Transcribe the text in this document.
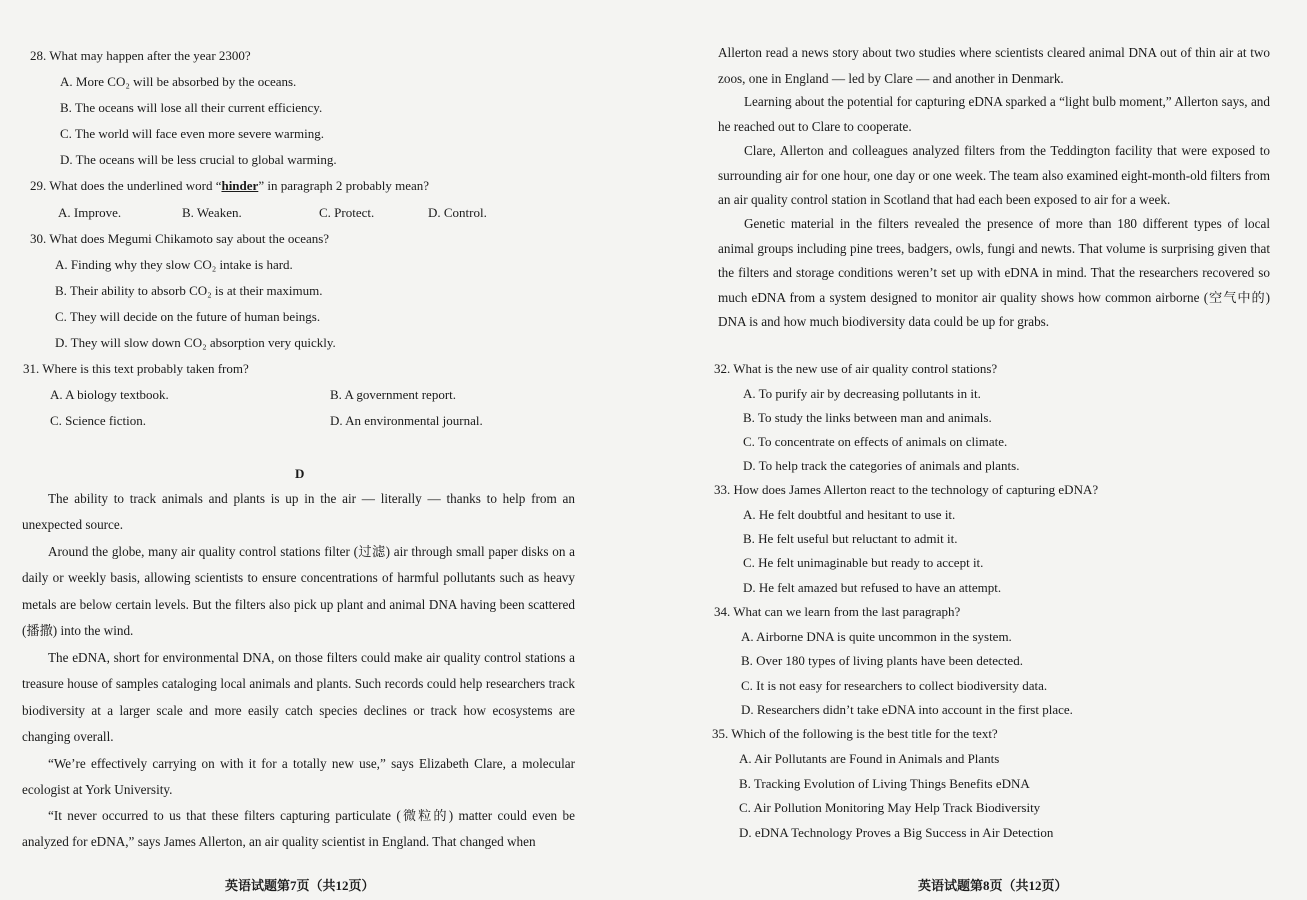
28. What may happen after the year 2300?
A. More CO₂ will be absorbed by the oceans.
B. The oceans will lose all their current efficiency.
C. The world will face even more severe warming.
D. The oceans will be less crucial to global warming.
29. What does the underlined word “hinder” in paragraph 2 probably mean?
A. Improve.	B. Weaken.	C. Protect.	D. Control.
30. What does Megumi Chikamoto say about the oceans?
A. Finding why they slow CO₂ intake is hard.
B. Their ability to absorb CO₂ is at their maximum.
C. They will decide on the future of human beings.
D. They will slow down CO₂ absorption very quickly.
31. Where is this text probably taken from?
A. A biology textbook.	B. A government report.
C. Science fiction.	D. An environmental journal.
D
The ability to track animals and plants is up in the air — literally — thanks to help from an unexpected source.
Around the globe, many air quality control stations filter (过滤) air through small paper disks on a daily or weekly basis, allowing scientists to ensure concentrations of harmful pollutants such as heavy metals are below certain levels. But the filters also pick up plant and animal DNA having been scattered (播撒) into the wind.
The eDNA, short for environmental DNA, on those filters could make air quality control stations a treasure house of samples cataloging local animals and plants. Such records could help researchers track biodiversity at a larger scale and more easily catch species declines or track how ecosystems are changing overall.
“We’re effectively carrying on with it for a totally new use,” says Elizabeth Clare, a molecular ecologist at York University.
“It never occurred to us that these filters capturing particulate (微粒的) matter could even be analyzed for eDNA,” says James Allerton, an air quality scientist in England. That changed when
英语试题第7页（共12页）
Allerton read a news story about two studies where scientists cleared animal DNA out of thin air at two zoos, one in England — led by Clare — and another in Denmark.
Learning about the potential for capturing eDNA sparked a “light bulb moment,” Allerton says, and he reached out to Clare to cooperate.
Clare, Allerton and colleagues analyzed filters from the Teddington facility that were exposed to surrounding air for one hour, one day or one week. The team also examined eight-month-old filters from an air quality control station in Scotland that had each been exposed to air for a week.
Genetic material in the filters revealed the presence of more than 180 different types of local animal groups including pine trees, badgers, owls, fungi and newts. That volume is surprising given that the filters and storage conditions weren’t set up with eDNA in mind. That the researchers recovered so much eDNA from a system designed to monitor air quality shows how common airborne (空气中的) DNA is and how much biodiversity data could be up for grabs.
32. What is the new use of air quality control stations?
A. To purify air by decreasing pollutants in it.
B. To study the links between man and animals.
C. To concentrate on effects of animals on climate.
D. To help track the categories of animals and plants.
33. How does James Allerton react to the technology of capturing eDNA?
A. He felt doubtful and hesitant to use it.
B. He felt useful but reluctant to admit it.
C. He felt unimaginable but ready to accept it.
D. He felt amazed but refused to have an attempt.
34. What can we learn from the last paragraph?
A. Airborne DNA is quite uncommon in the system.
B. Over 180 types of living plants have been detected.
C. It is not easy for researchers to collect biodiversity data.
D. Researchers didn’t take eDNA into account in the first place.
35. Which of the following is the best title for the text?
A. Air Pollutants are Found in Animals and Plants
B. Tracking Evolution of Living Things Benefits eDNA
C. Air Pollution Monitoring May Help Track Biodiversity
D. eDNA Technology Proves a Big Success in Air Detection
英语试题第8页（共12页）
